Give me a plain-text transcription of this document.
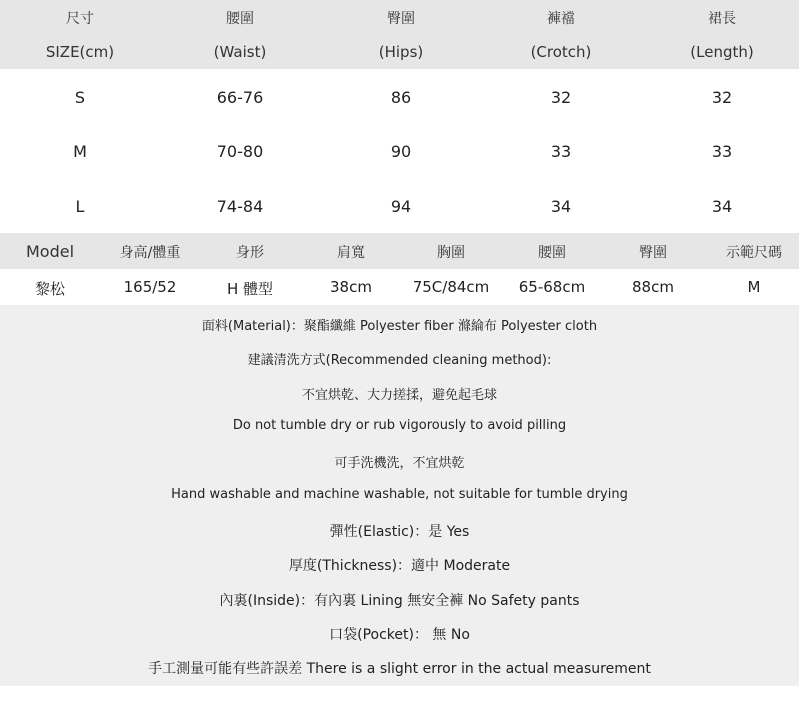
尺寸	腰圍	臀圍	褲襠	裙長
SIZE(cm)	(Waist)	(Hips)	(Crotch)	(Length)
S	66-76	86	32	32
M	70-80	90	33	33
L	74-84	94	34	34
Model	身高/體重	身形	肩寬	胸圍	腰圍	臀圍	示範尺碼
黎松	165/52	H 體型	38cm	75C/84cm	65-68cm	88cm	M
面料(Material)：聚酯纖維 Polyester fiber 滌綸布 Polyester cloth
建議清洗方式(Recommended cleaning method):
不宜烘乾、大力搓揉，避免起毛球
Do not tumble dry or rub vigorously to avoid pilling
可手洗機洗，不宜烘乾
Hand washable and machine washable, not suitable for tumble drying
彈性(Elastic)：是 Yes
厚度(Thickness)：適中 Moderate
內裏(Inside)：有內裏 Lining 無安全褲 No Safety pants
口袋(Pocket)： 無 No
手工測量可能有些許誤差 There is a slight error in the actual measurement
